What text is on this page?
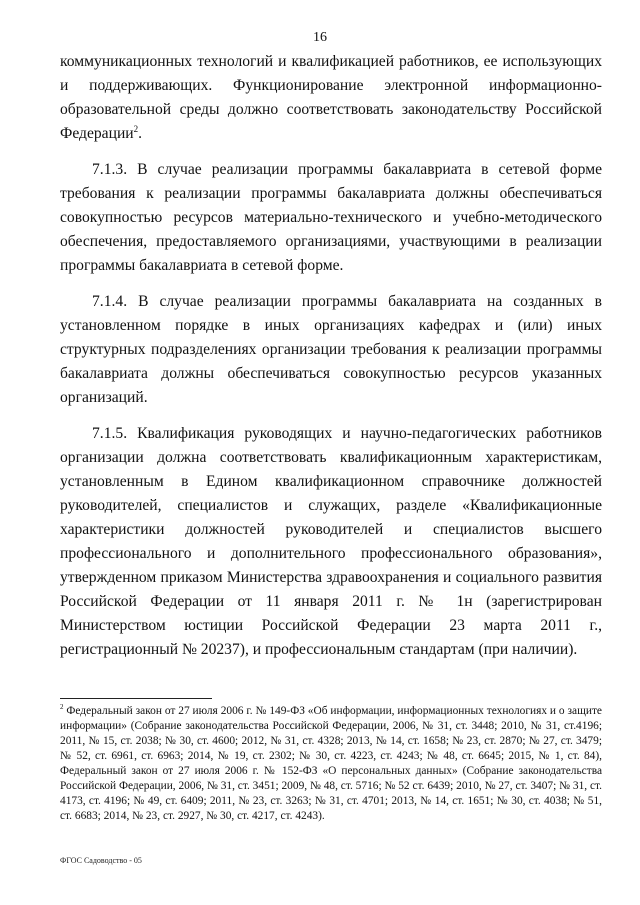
16

коммуникационных технологий и квалификацией работников, ее использующих и поддерживающих. Функционирование электронной информационно-образовательной среды должно соответствовать законодательству Российской Федерации$^2$.

7.1.3. В случае реализации программы бакалавриата в сетевой форме требования к реализации программы бакалавриата должны обеспечиваться совокупностью ресурсов материально-технического и учебно-методического обеспечения, предоставляемого организациями, участвующими в реализации программы бакалавриата в сетевой форме.

7.1.4. В случае реализации программы бакалавриата на созданных в установленном порядке в иных организациях кафедрах и (или) иных структурных подразделениях организации требования к реализации программы бакалавриата должны обеспечиваться совокупностью ресурсов указанных организаций.

7.1.5. Квалификация руководящих и научно-педагогических работников организации должна соответствовать квалификационным характеристикам, установленным в Едином квалификационном справочнике должностей руководителей, специалистов и служащих, разделе «Квалификационные характеристики должностей руководителей и специалистов высшего профессионального и дополнительного профессионального образования», утвержденном приказом Министерства здравоохранения и социального развития Российской Федерации от 11 января 2011 г. № 1н (зарегистрирован Министерством юстиции Российской Федерации 23 марта 2011 г., регистрационный № 20237), и профессиональным стандартам (при наличии).

$^2$ Федеральный закон от 27 июля 2006 г. № 149-ФЗ «Об информации, информационных технологиях и о защите информации» (Собрание законодательства Российской Федерации, 2006, № 31, ст. 3448; 2010, № 31, ст.4196; 2011, № 15, ст. 2038; № 30, ст. 4600; 2012, № 31, ст. 4328; 2013, № 14, ст. 1658; № 23, ст. 2870; № 27, ст. 3479; № 52, ст. 6961, ст. 6963; 2014, № 19, ст. 2302; № 30, ст. 4223, ст. 4243; № 48, ст. 6645; 2015, № 1, ст. 84), Федеральный закон от 27 июля 2006 г. № 152-ФЗ «О персональных данных» (Собрание законодательства Российской Федерации, 2006, № 31, ст. 3451; 2009, № 48, ст. 5716; № 52 ст. 6439; 2010, № 27, ст. 3407; № 31, ст. 4173, ст. 4196; № 49, ст. 6409; 2011, № 23, ст. 3263; № 31, ст. 4701; 2013, № 14, ст. 1651; № 30, ст. 4038; № 51, ст. 6683; 2014, № 23, ст. 2927, № 30, ст. 4217, ст. 4243).
ФГОС Садоводство - 05
